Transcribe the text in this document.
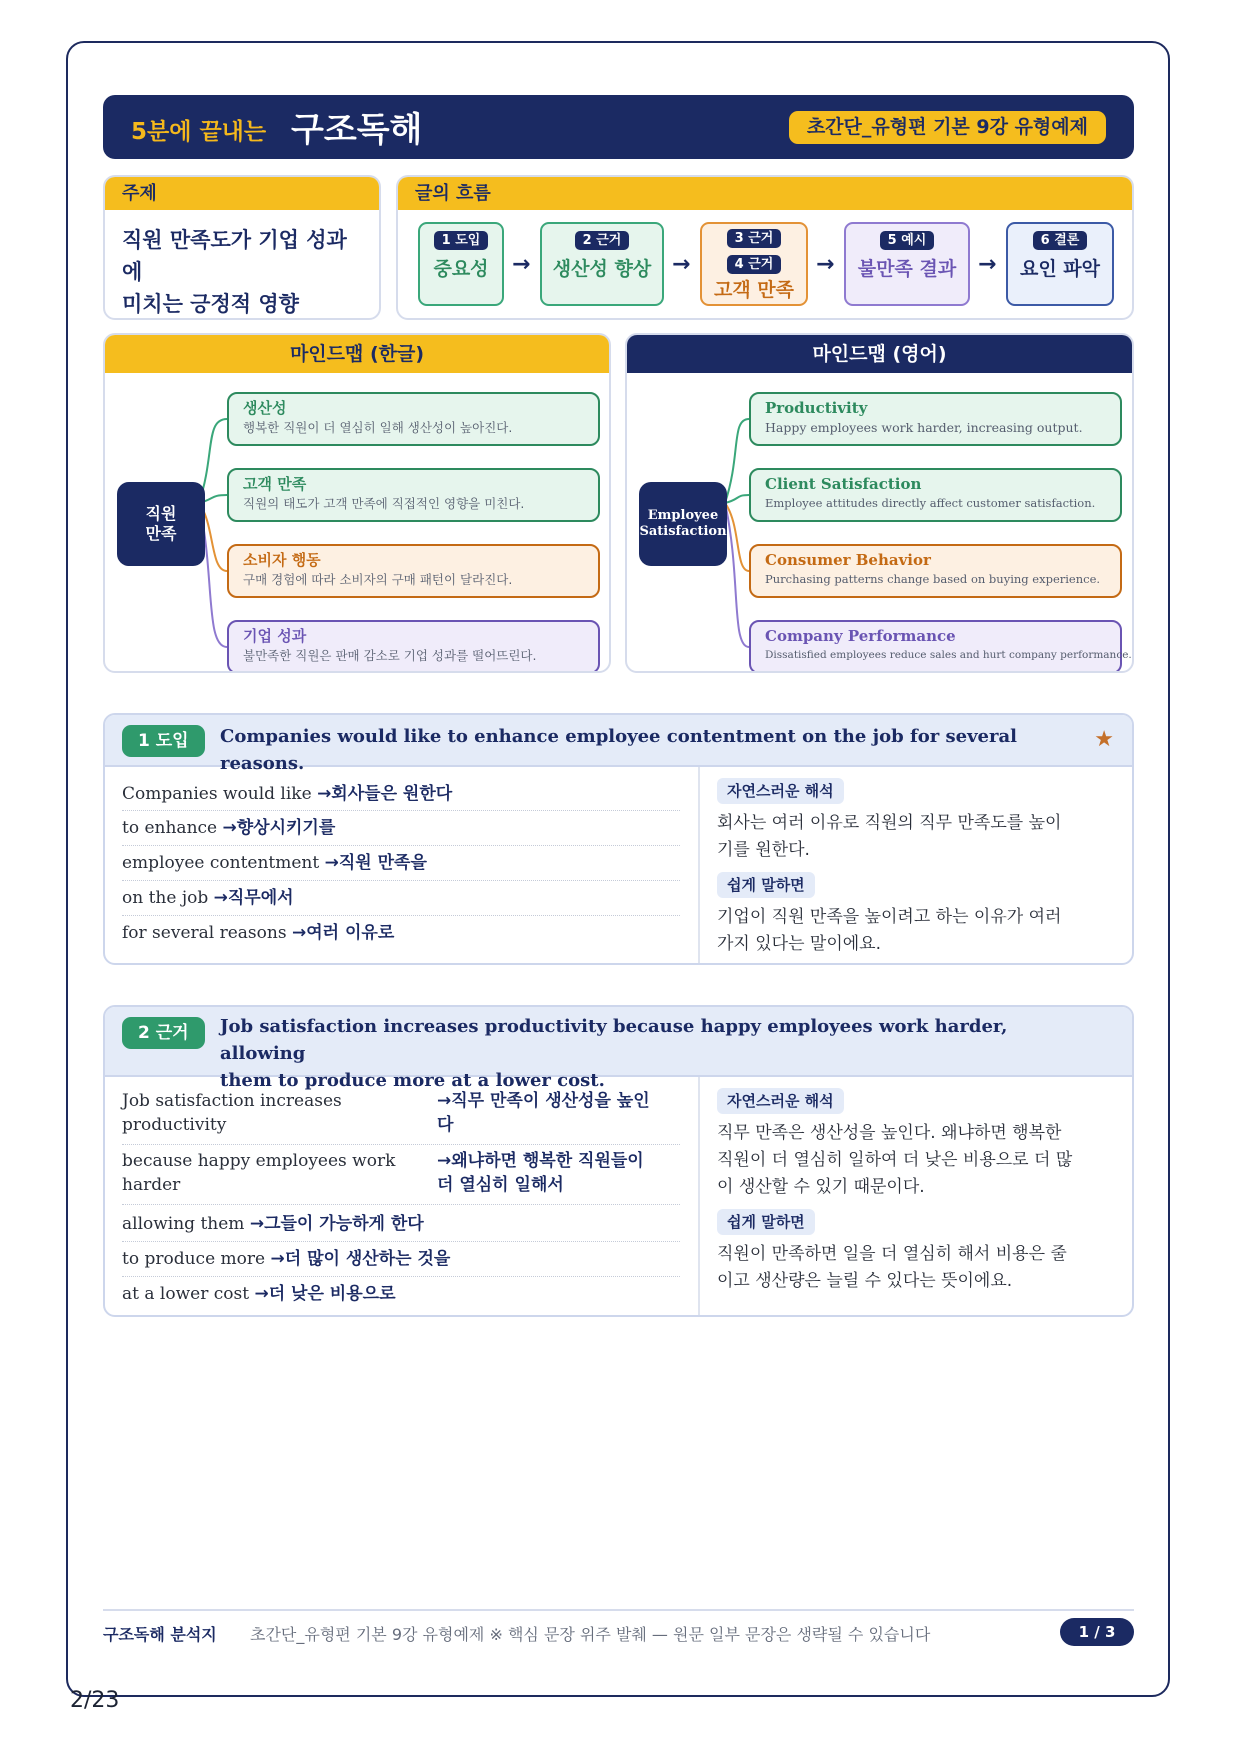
5분에 끝내는 구조독해	초간단_유형편 기본 9강 유형예제
주제
직원 만족도가 기업 성과에
미치는 긍정적 영향
글의 흐름
1 도입
중요성	→
2 근거
생산성 향상 →
3 근거
4 근거
고객 만족
→
5 예시
불만족 결과 →
6 결론
요인 파악
마인드맵 (한글)
직원
만족
생산성
행복한 직원이 더 열심히 일해 생산성이 높아진다.
고객 만족
직원의 태도가 고객 만족에 직접적인 영향을 미친다.
소비자 행동
구매 경험에 따라 소비자의 구매 패턴이 달라진다.
기업 성과
불만족한 직원은 판매 감소로 기업 성과를 떨어뜨린다.
마인드맵 (영어)
Employee
Satisfaction
Productivity
Happy employees work harder, increasing output.
Client Satisfaction
Employee attitudes directly affect customer satisfaction.
Consumer Behavior
Purchasing patterns change based on buying experience.
Company Performance
Dissatisfied employees reduce sales and hurt company performance.
1 도입	Companies would like to enhance employee contentment on the job for several reasons.
★
Companies would like →회사들은 원한다
to enhance →향상시키기를
employee contentment →직원 만족을
on the job →직무에서
for several reasons →여러 이유로
자연스러운 해석
회사는 여러 이유로 직원의 직무 만족도를 높이
기를 원한다.
쉽게 말하면
기업이 직원 만족을 높이려고 하는 이유가 여러
가지 있다는 말이에요.
2 근거	Job satisfaction increases productivity because happy employees work harder, allowing
them to produce more at a lower cost.
Job satisfaction increases
productivity
→직무 만족이 생산성을 높인
다
because happy employees work
harder
→왜냐하면 행복한 직원들이
더 열심히 일해서
allowing them →그들이 가능하게 한다
to produce more →더 많이 생산하는 것을
at a lower cost →더 낮은 비용으로
자연스러운 해석
직무 만족은 생산성을 높인다. 왜냐하면 행복한
직원이 더 열심히 일하여 더 낮은 비용으로 더 많
이 생산할 수 있기 때문이다.
쉽게 말하면
직원이 만족하면 일을 더 열심히 해서 비용은 줄
이고 생산량은 늘릴 수 있다는 뜻이에요.
구조독해 분석지 초간단_유형편 기본 9강 유형예제 ※ 핵심 문장 위주 발췌 — 원문 일부 문장은 생략될 수 있습니다	1 / 3
2/23
